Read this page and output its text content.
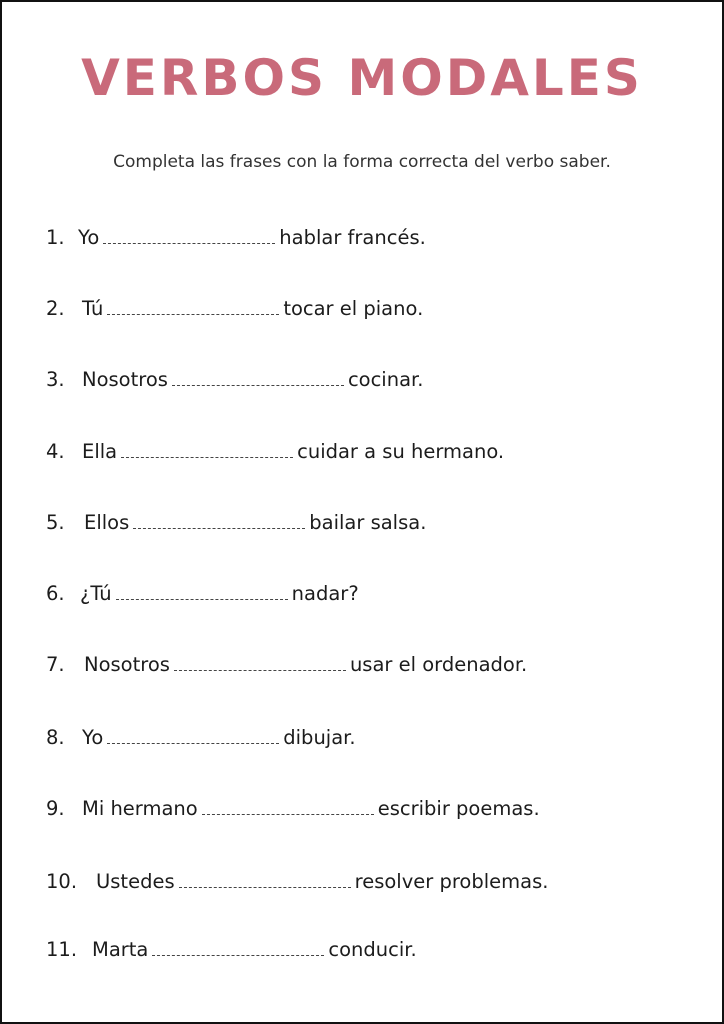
VERBOS MODALES
Completa las frases con la forma correcta del verbo saber.
1. Yo	hablar francés.
2. Tú	tocar el piano.
3. Nosotros	cocinar.
4. Ella	cuidar a su hermano.
5. Ellos	bailar salsa.
6. ¿Tú	nadar?
7. Nosotros	usar el ordenador.
8. Yo	dibujar.
9. Mi hermano	escribir poemas.
10. Ustedes	resolver problemas.
11. Marta	conducir.
